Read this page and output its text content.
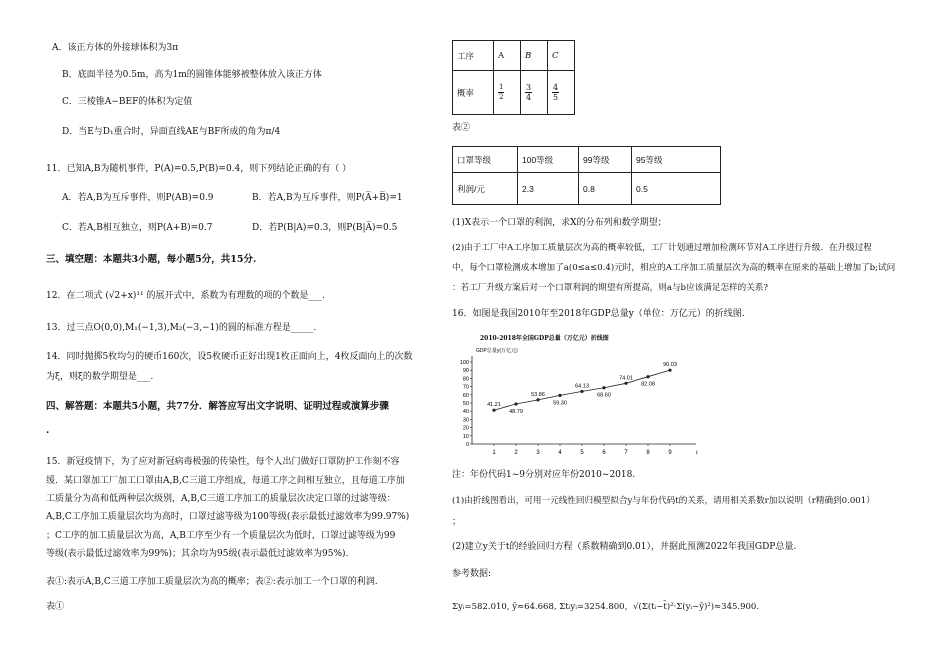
A．该正方体的外接球体积为3π
B．底面半径为0.5m，高为1m的圆锥体能够被整体放入该正方体
C．三棱锥A−BEF的体积为定值
D．当E与D₁重合时，异面直线AE与BF所成的角为π/4
11．已知A,B为随机事件，P(A)=0.5,P(B)=0.4，则下列结论正确的有（ ）
A．若A,B为互斥事件，则P(AB)=0.9	B．若A,B为互斥事件，则P(A̅+B̅)=1
C．若A,B相互独立，则P(A+B)=0.7	D．若P(B|A)=0.3，则P(B|A̅)=0.5
三、填空题：本题共3小题，每小题5分，共15分.
12．在二项式 (√2+x)¹¹ 的展开式中，系数为有理数的项的个数是___.
13．过三点O(0,0),M₁(−1,3),M₂(−3,−1)的圆的标准方程是_____.
14．同时抛掷5枚均匀的硬币160次，设5枚硬币正好出现1枚正面向上，4枚反面向上的次数
为ξ，则ξ的数学期望是___.
四、解答题：本题共5小题，共77分．解答应写出文字说明、证明过程或演算步骤
.
15．新冠疫情下，为了应对新冠病毒极强的传染性，每个人出门做好口罩防护工作刻不容
缓．某口罩加工厂加工口罩由A,B,C三道工序组成，每道工序之间相互独立，且每道工序加
工质量分为高和低两种层次级别，A,B,C三道工序加工的质量层次决定口罩的过滤等级：
A,B,C工序加工质量层次均为高时，口罩过滤等级为100等级(表示最低过滤效率为99.97%)
；C工序的加工质量层次为高，A,B工序至少有一个质量层次为低时，口罩过滤等级为99
等级(表示最低过滤效率为99%)；其余均为95级(表示最低过滤效率为95%).
表①:表示A,B,C三道工序加工质量层次为高的概率；表②:表示加工一个口罩的利润.
表①
工序	A	B	C
概率	$\frac{1}{2}$	$\frac{3}{4}$	$\frac{4}{5}$
表②
口罩等级	100等级	99等级	95等级
利润/元	2.3	0.8	0.5
(1)X表示一个口罩的利润，求X的分布列和数学期望；
(2)由于工厂中A工序加工质量层次为高的概率较低，工厂计划通过增加检测环节对A工序进行升级．在升级过程
中，每个口罩检测成本增加了a(0≤a≤0.4)元时，相应的A工序加工质量层次为高的概率在原来的基础上增加了b;试问
：若工厂升级方案后对一个口罩利润的期望有所提高，则a与b应该满足怎样的关系?
16．如图是我国2010年至2018年GDP总量y（单位：万亿元）的折线图.
2010-2018年全国GDP总量（万亿元）折线图
GDP总量y(万亿元)
0
10
20
30
40
50
60
70
80
90
100
1	2	3	4	5	6	7	8	9	t
41.21
48.79
53.86
59.30
64.13
68.60
74.01
82.08
90.03
注：年份代码1~9分别对应年份2010~2018.
(1)由折线图看出，可用一元线性回归模型拟合y与年份代码t的关系，请用相关系数r加以说明（r精确到0.001）
；
(2)建立y关于t的经验回归方程（系数精确到0.01），并据此预测2022年我国GDP总量.
参考数据:
Σyᵢ=582.010, ȳ≈64.668, Σtᵢyᵢ=3254.800，√(Σ(tᵢ−t̄)²·Σ(yᵢ−ȳ)²)≈345.900.
